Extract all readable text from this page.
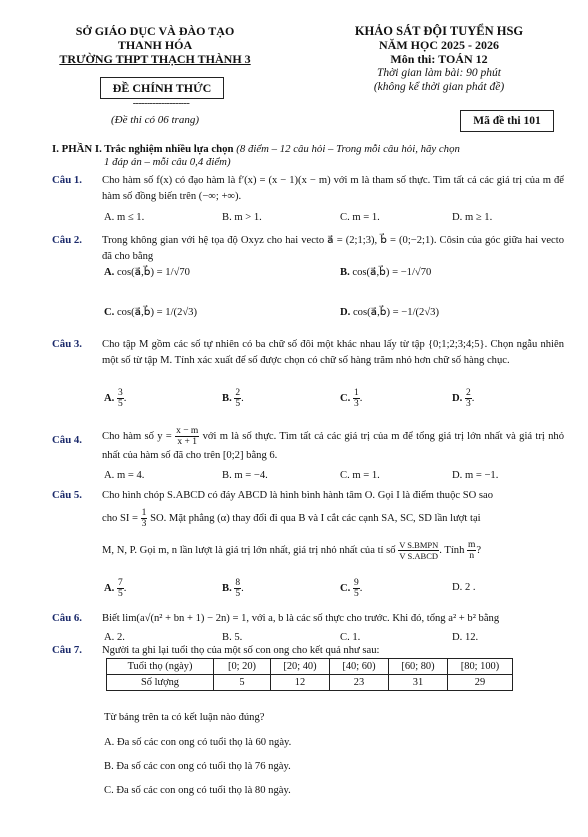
SỞ GIÁO DỤC VÀ ĐÀO TẠO
THANH HÓA
TRƯỜNG THPT THẠCH THÀNH 3
ĐỀ CHÍNH THỨC
--------------------
(Đề thi có 06 trang)
KHẢO SÁT ĐỘI TUYỂN HSG
NĂM HỌC 2025 - 2026
Môn thi: TOÁN 12
Thời gian làm bài: 90 phút
(không kể thời gian phát đề)
Mã đề thi 101
I. PHẦN I. Trắc nghiệm nhiều lựa chọn (8 điểm – 12 câu hỏi – Trong mỗi câu hỏi, hãy chọn
1 đáp án – mỗi câu 0,4 điểm)
Câu 1. Cho hàm số f(x) có đạo hàm là f′(x) = (x − 1)(x − m) với m là tham số thực. Tìm tất cả các giá trị của m để hàm số đồng biến trên (−∞; +∞).
A. m ≤ 1.	B. m > 1.	C. m = 1.	D. m ≥ 1.
Câu 2. Trong không gian với hệ tọa độ Oxyz cho hai vecto a⃗ = (2;1;3), b⃗ = (0;−2;1). Côsin của góc giữa hai vecto đã cho bằng
A. cos(a⃗,b⃗) = 1/√70	B. cos(a⃗,b⃗) = −1/√70
C. cos(a⃗,b⃗) = 1/(2√3)	D. cos(a⃗,b⃗) = −1/(2√3)
Câu 3. Cho tập M gồm các số tự nhiên có ba chữ số đôi một khác nhau lấy từ tập {0;1;2;3;4;5}. Chọn ngẫu nhiên một số từ tập M. Tính xác xuất để số được chọn có chữ số hàng trăm nhỏ hơn chữ số hàng chục.
A. $\frac{3}{5}$ .	B. $\frac{2}{5}$ .	C. $\frac{1}{3}$ .	D. $\frac{2}{3}$ .
Câu 4. Cho hàm số $y = \frac{x - m}{x + 1}$ với m là số thực. Tìm tất cả các giá trị của m để tổng giá trị lớn nhất và giá trị nhỏ nhất của hàm số đã cho trên [0;2] bằng 6.
A. m = 4.	B. m = −4.	C. m = 1.	D. m = −1.
Câu 5. Cho hình chóp S.ABCD có đáy ABCD là hình bình hành tâm O. Gọi I là điểm thuộc SO sao
cho SI = $\frac{1}{3}$ SO. Mặt phẳng (α) thay đổi đi qua B và I cắt các cạnh SA, SC, SD lần lượt tại
M, N, P. Gọi m, n lần lượt là giá trị lớn nhất, giá trị nhỏ nhất của tỉ số $\frac{\text{V S.BMPN}}{\text{V S.ABCD}}$ . Tính $\frac{m}{n}$ ?
A. $\frac{7}{5}$ .	B. $\frac{8}{5}$ .	C. $\frac{9}{5}$ .	D. 2 .
Câu 6. Biết lim(a√(n² + bn + 1) − 2n) = 1, với a, b là các số thực cho trước. Khi đó, tổng a² + b² bằng
A. 2.	B. 5.	C. 1.	D. 12.
Câu 7. Người ta ghi lại tuổi thọ của một số con ong cho kết quả như sau:
Tuổi thọ (ngày)	[0; 20)	[20; 40)	[40; 60)	[60; 80)	[80; 100)
Số lượng	5	12	23	31	29
Từ bảng trên ta có kết luận nào đúng?
A. Đa số các con ong có tuổi thọ là 60 ngày.
B. Đa số các con ong có tuổi thọ là 76 ngày.
C. Đa số các con ong có tuổi thọ là 80 ngày.
